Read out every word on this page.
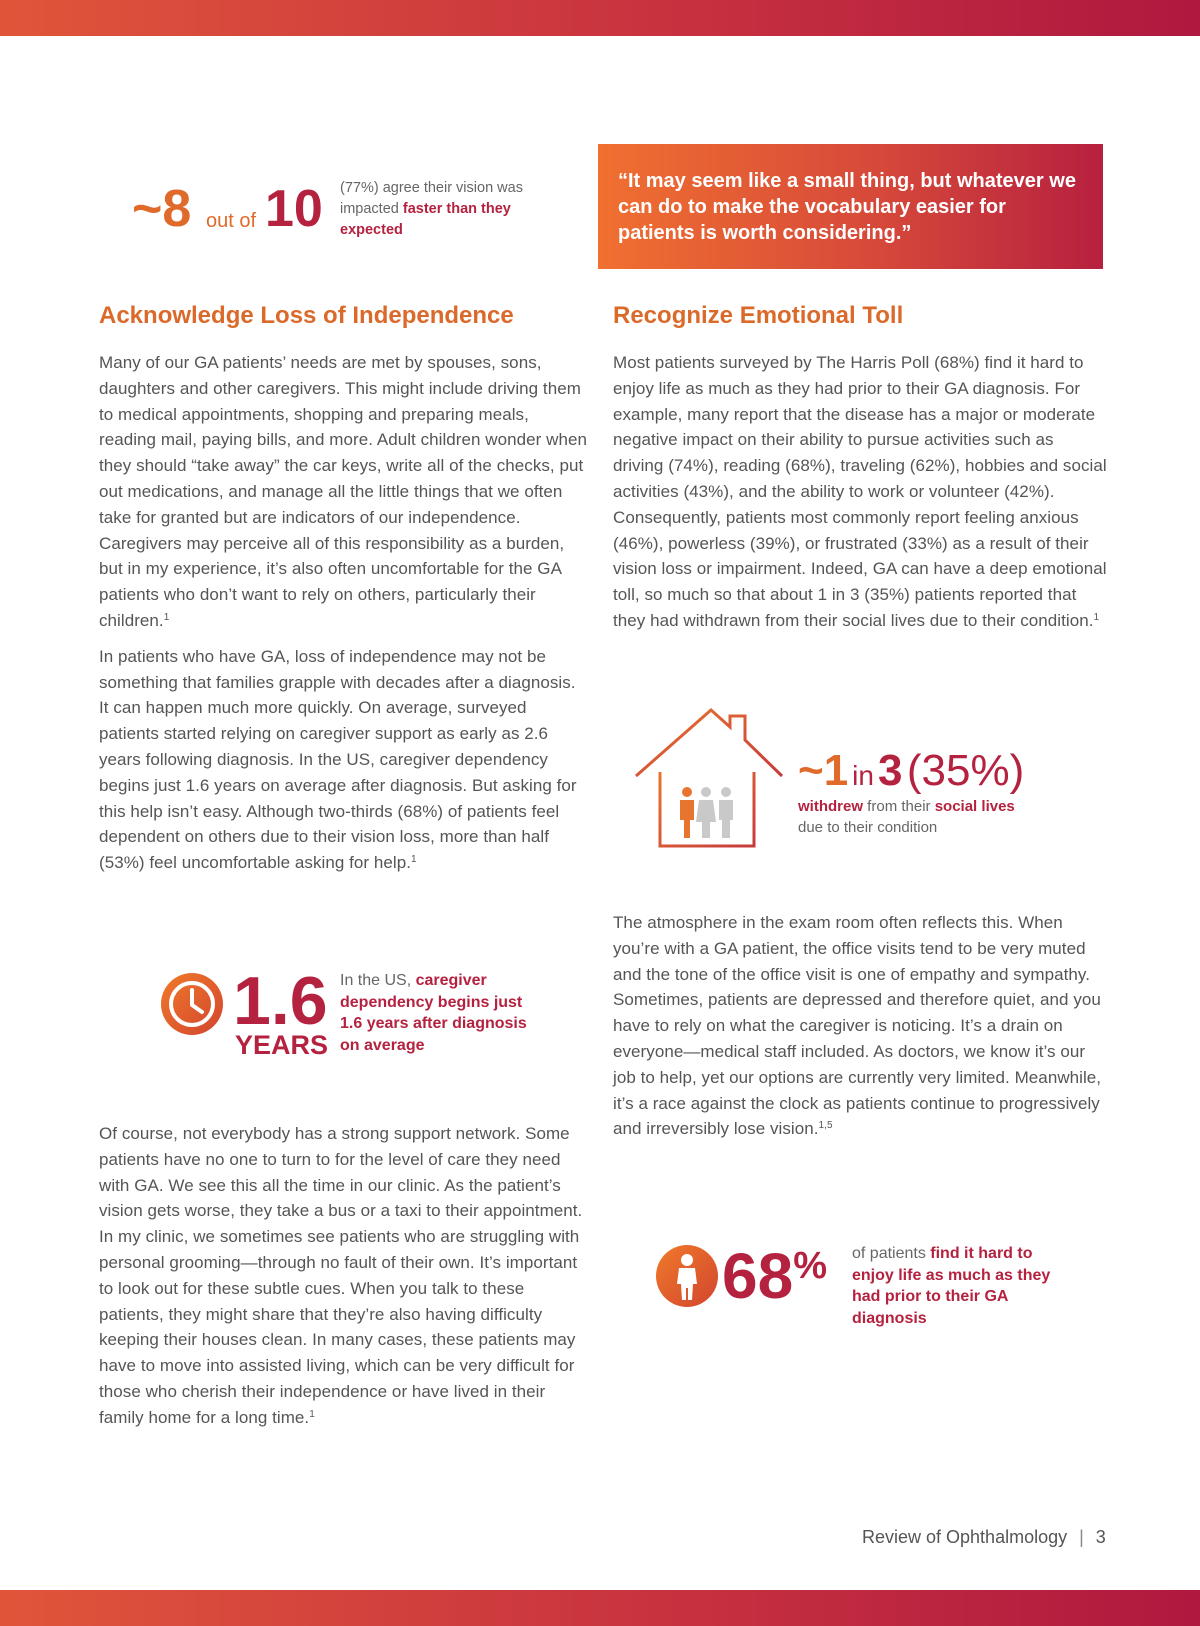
~8 out of 10 (77%) agree their vision was impacted faster than they expected
“It may seem like a small thing, but whatever we can do to make the vocabulary easier for patients is worth considering.”
Acknowledge Loss of Independence

Many of our GA patients’ needs are met by spouses, sons, daughters and other caregivers. This might include driving them to medical appointments, shopping and preparing meals, reading mail, paying bills, and more. Adult children wonder when they should “take away” the car keys, write all of the checks, put out medications, and manage all the little things that we often take for granted but are indicators of our independence. Caregivers may perceive all of this responsibility as a burden, but in my experience, it’s also often uncomfortable for the GA patients who don’t want to rely on others, particularly their children.$^1$

In patients who have GA, loss of independence may not be something that families grapple with decades after a diagnosis. It can happen much more quickly. On average, surveyed patients started relying on caregiver support as early as 2.6 years following diagnosis. In the US, caregiver dependency begins just 1.6 years on average after diagnosis. But asking for this help isn’t easy. Although two-thirds (68%) of patients feel dependent on others due to their vision loss, more than half (53%) feel uncomfortable asking for help.$^1$

1.6
YEARS
In the US, caregiver dependency begins just 1.6 years after diagnosis on average

Of course, not everybody has a strong support network. Some patients have no one to turn to for the level of care they need with GA. We see this all the time in our clinic. As the patient’s vision gets worse, they take a bus or a taxi to their appointment. In my clinic, we sometimes see patients who are struggling with personal grooming—through no fault of their own. It’s important to look out for these subtle cues. When you talk to these patients, they might share that they’re also having difficulty keeping their houses clean. In many cases, these patients may have to move into assisted living, which can be very difficult for those who cherish their independence or have lived in their family home for a long time.$^1$

Recognize Emotional Toll

Most patients surveyed by The Harris Poll (68%) find it hard to enjoy life as much as they had prior to their GA diagnosis. For example, many report that the disease has a major or moderate negative impact on their ability to pursue activities such as driving (74%), reading (68%), traveling (62%), hobbies and social activities (43%), and the ability to work or volunteer (42%). Consequently, patients most commonly report feeling anxious (46%), powerless (39%), or frustrated (33%) as a result of their vision loss or impairment. Indeed, GA can have a deep emotional toll, so much so that about 1 in 3 (35%) patients reported that they had withdrawn from their social lives due to their condition.$^1$

~1 in3 (35%)
withdrew from their social lives
due to their condition

The atmosphere in the exam room often reflects this. When you’re with a GA patient, the office visits tend to be very muted and the tone of the office visit is one of empathy and sympathy. Sometimes, patients are depressed and therefore quiet, and you have to rely on what the caregiver is noticing. It’s a drain on everyone—medical staff included. As doctors, we know it’s our job to help, yet our options are currently very limited. Meanwhile, it’s a race against the clock as patients continue to progressively and irreversibly lose vision.$^{1,5}$

68% of patients find it hard to enjoy life as much as they had prior to their GA diagnosis
Review of Ophthalmology | 3
